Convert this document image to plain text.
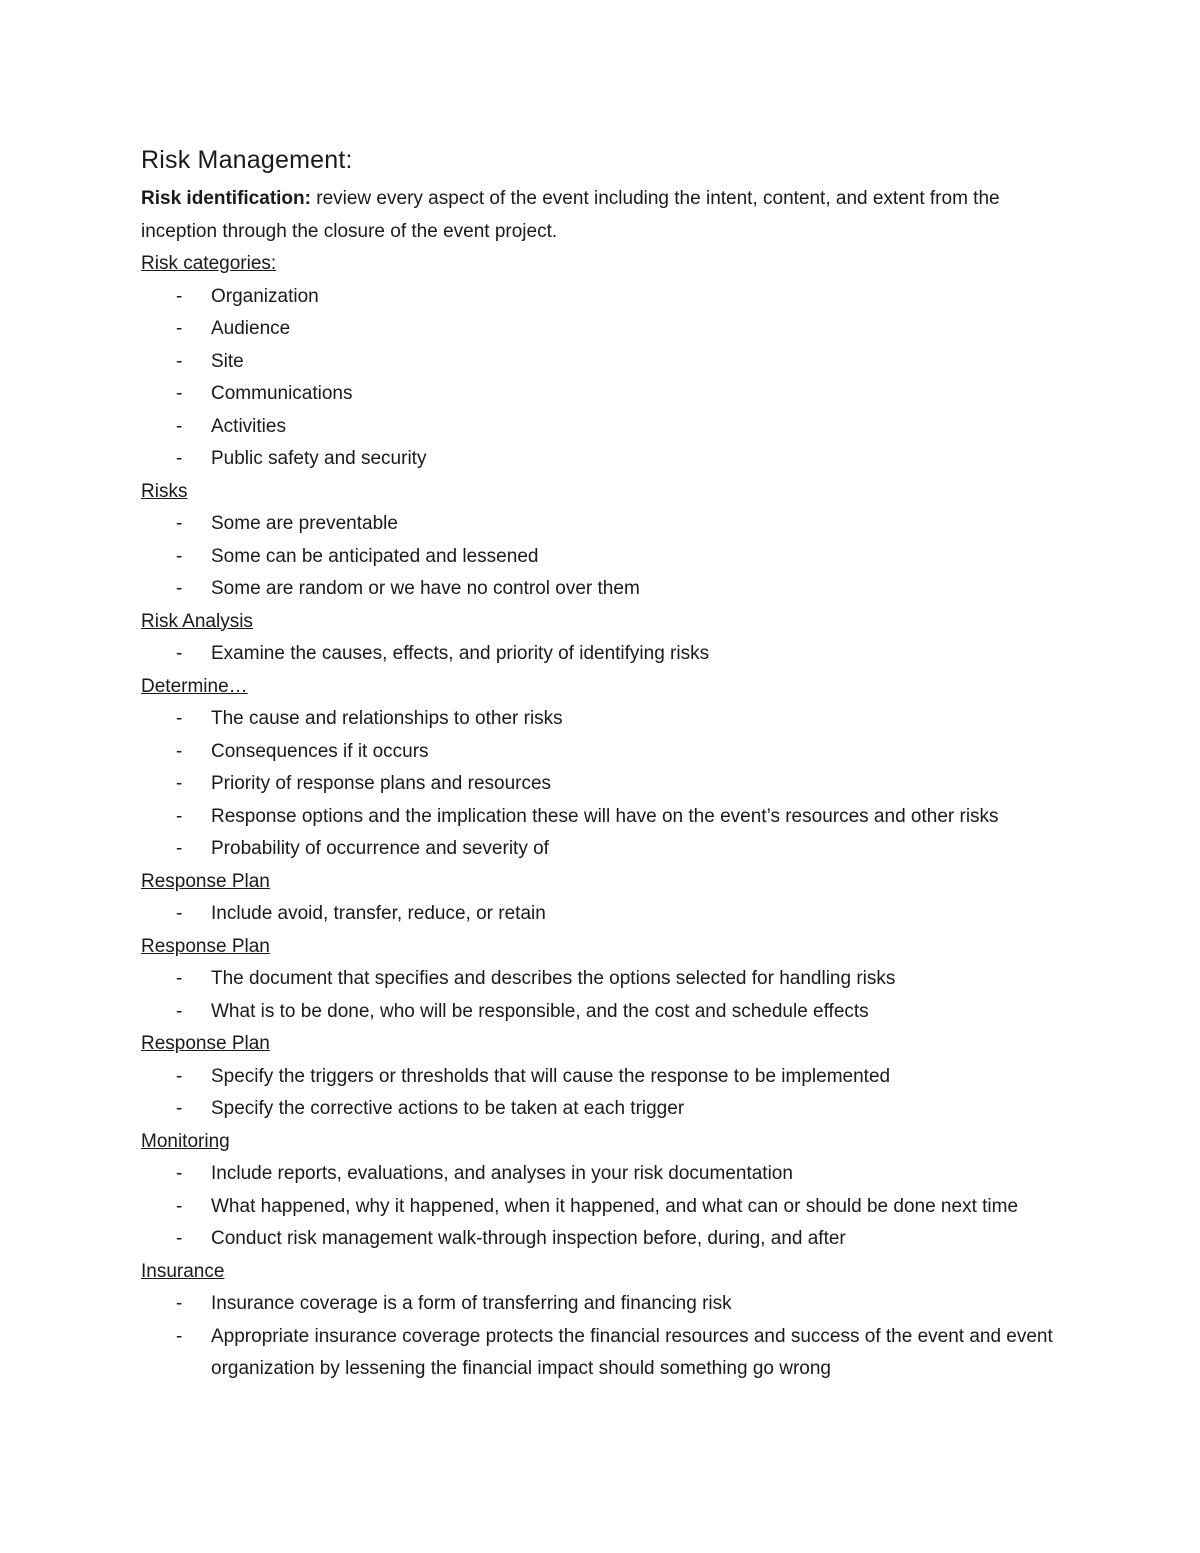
Risk Management:

Risk identification: review every aspect of the event including the intent, content, and extent from the inception through the closure of the event project.

Risk categories:
- Organization
- Audience
- Site
- Communications
- Activities
- Public safety and security
Risks
- Some are preventable
- Some can be anticipated and lessened
- Some are random or we have no control over them
Risk Analysis
- Examine the causes, effects, and priority of identifying risks
Determine…
- The cause and relationships to other risks
- Consequences if it occurs
- Priority of response plans and resources
- Response options and the implication these will have on the event’s resources and other risks
- Probability of occurrence and severity of
Response Plan
- Include avoid, transfer, reduce, or retain
Response Plan
- The document that specifies and describes the options selected for handling risks
- What is to be done, who will be responsible, and the cost and schedule effects
Response Plan
- Specify the triggers or thresholds that will cause the response to be implemented
- Specify the corrective actions to be taken at each trigger
Monitoring
- Include reports, evaluations, and analyses in your risk documentation
- What happened, why it happened, when it happened, and what can or should be done next time
- Conduct risk management walk-through inspection before, during, and after
Insurance
- Insurance coverage is a form of transferring and financing risk
- Appropriate insurance coverage protects the financial resources and success of the event and event organization by lessening the financial impact should something go wrong
